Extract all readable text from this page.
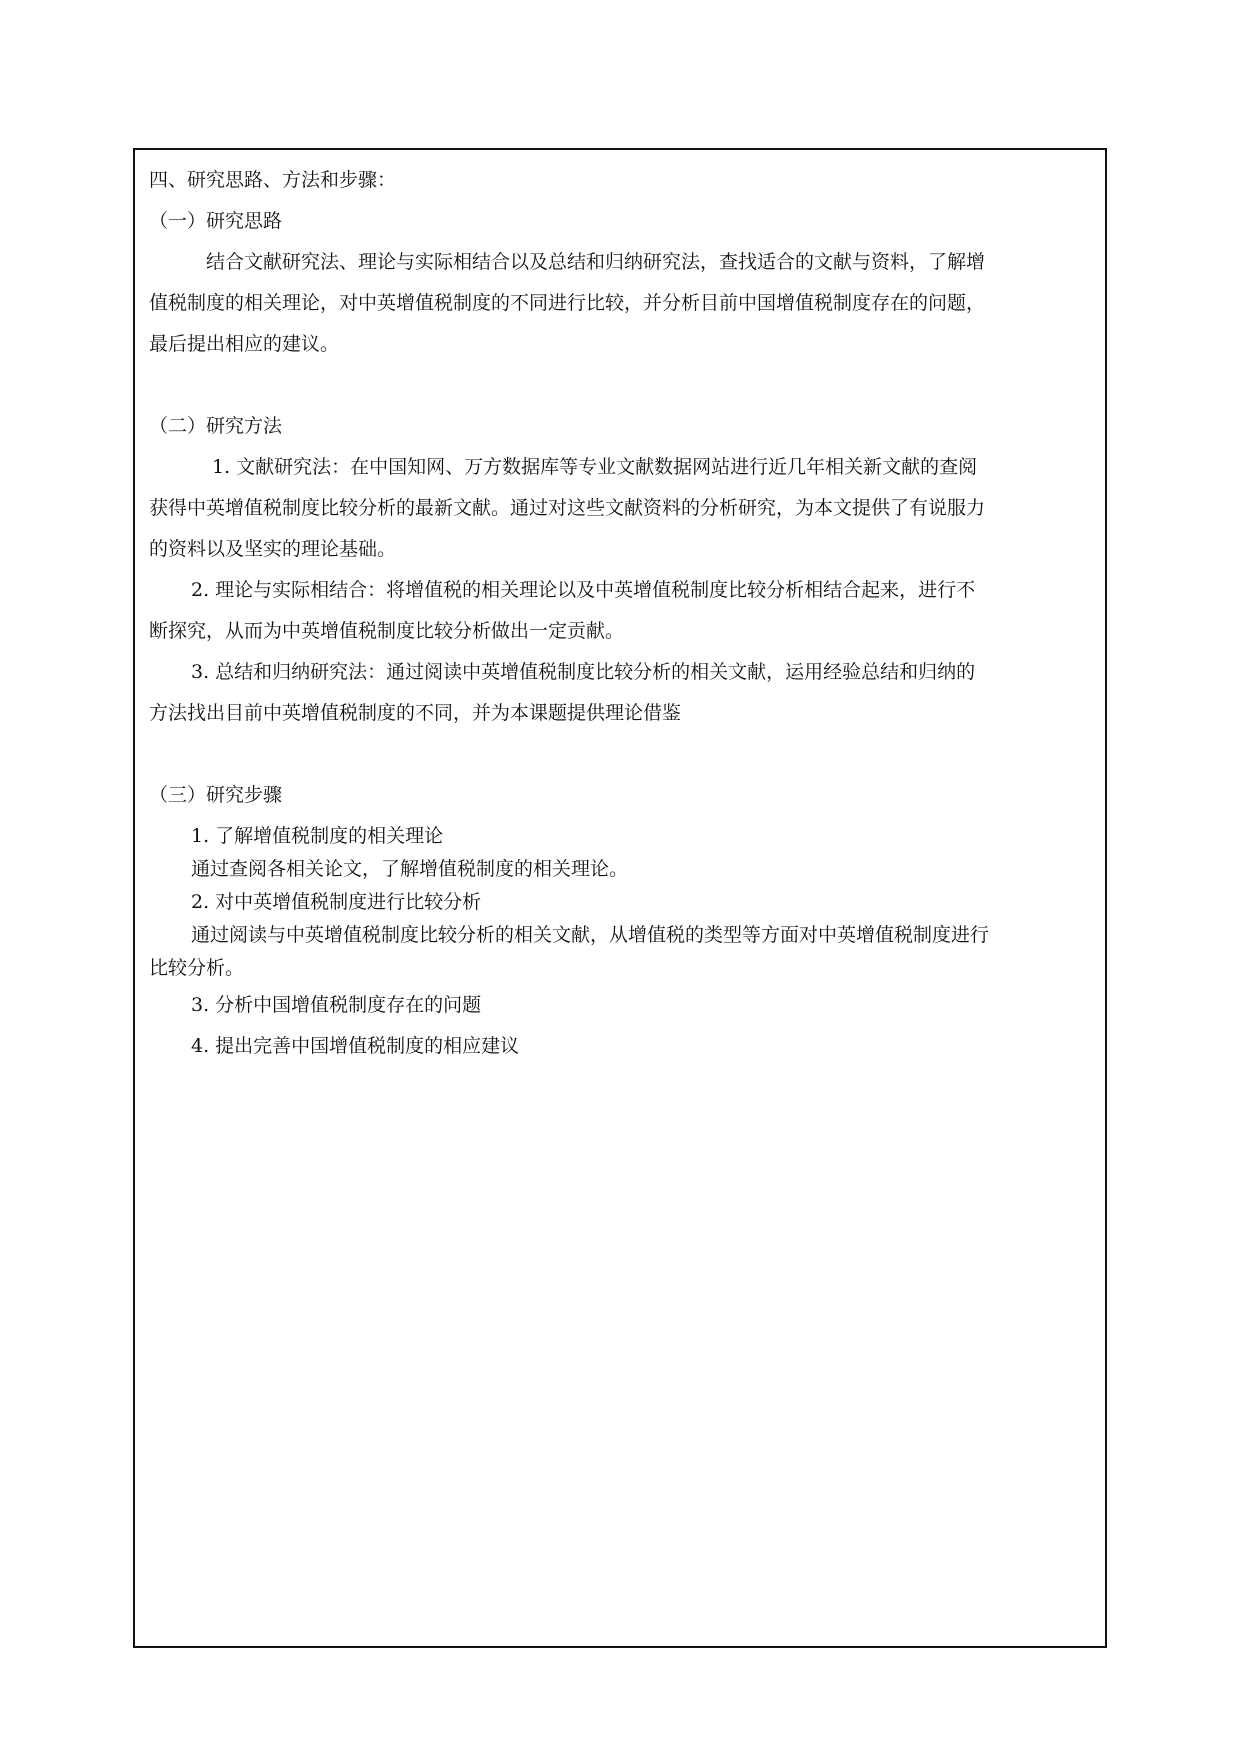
四、研究思路、方法和步骤：
（一）研究思路
结合文献研究法、理论与实际相结合以及总结和归纳研究法，查找适合的文献与资料，了解增
值税制度的相关理论，对中英增值税制度的不同进行比较，并分析目前中国增值税制度存在的问题，
最后提出相应的建议。
（二）研究方法
1. 文献研究法：在中国知网、万方数据库等专业文献数据网站进行近几年相关新文献的查阅
获得中英增值税制度比较分析的最新文献。通过对这些文献资料的分析研究，为本文提供了有说服力
的资料以及坚实的理论基础。
2. 理论与实际相结合：将增值税的相关理论以及中英增值税制度比较分析相结合起来，进行不
断探究，从而为中英增值税制度比较分析做出一定贡献。
3. 总结和归纳研究法：通过阅读中英增值税制度比较分析的相关文献，运用经验总结和归纳的
方法找出目前中英增值税制度的不同，并为本课题提供理论借鉴
（三）研究步骤
1. 了解增值税制度的相关理论
通过查阅各相关论文，了解增值税制度的相关理论。
2. 对中英增值税制度进行比较分析
通过阅读与中英增值税制度比较分析的相关文献，从增值税的类型等方面对中英增值税制度进行
比较分析。
3. 分析中国增值税制度存在的问题
4. 提出完善中国增值税制度的相应建议
